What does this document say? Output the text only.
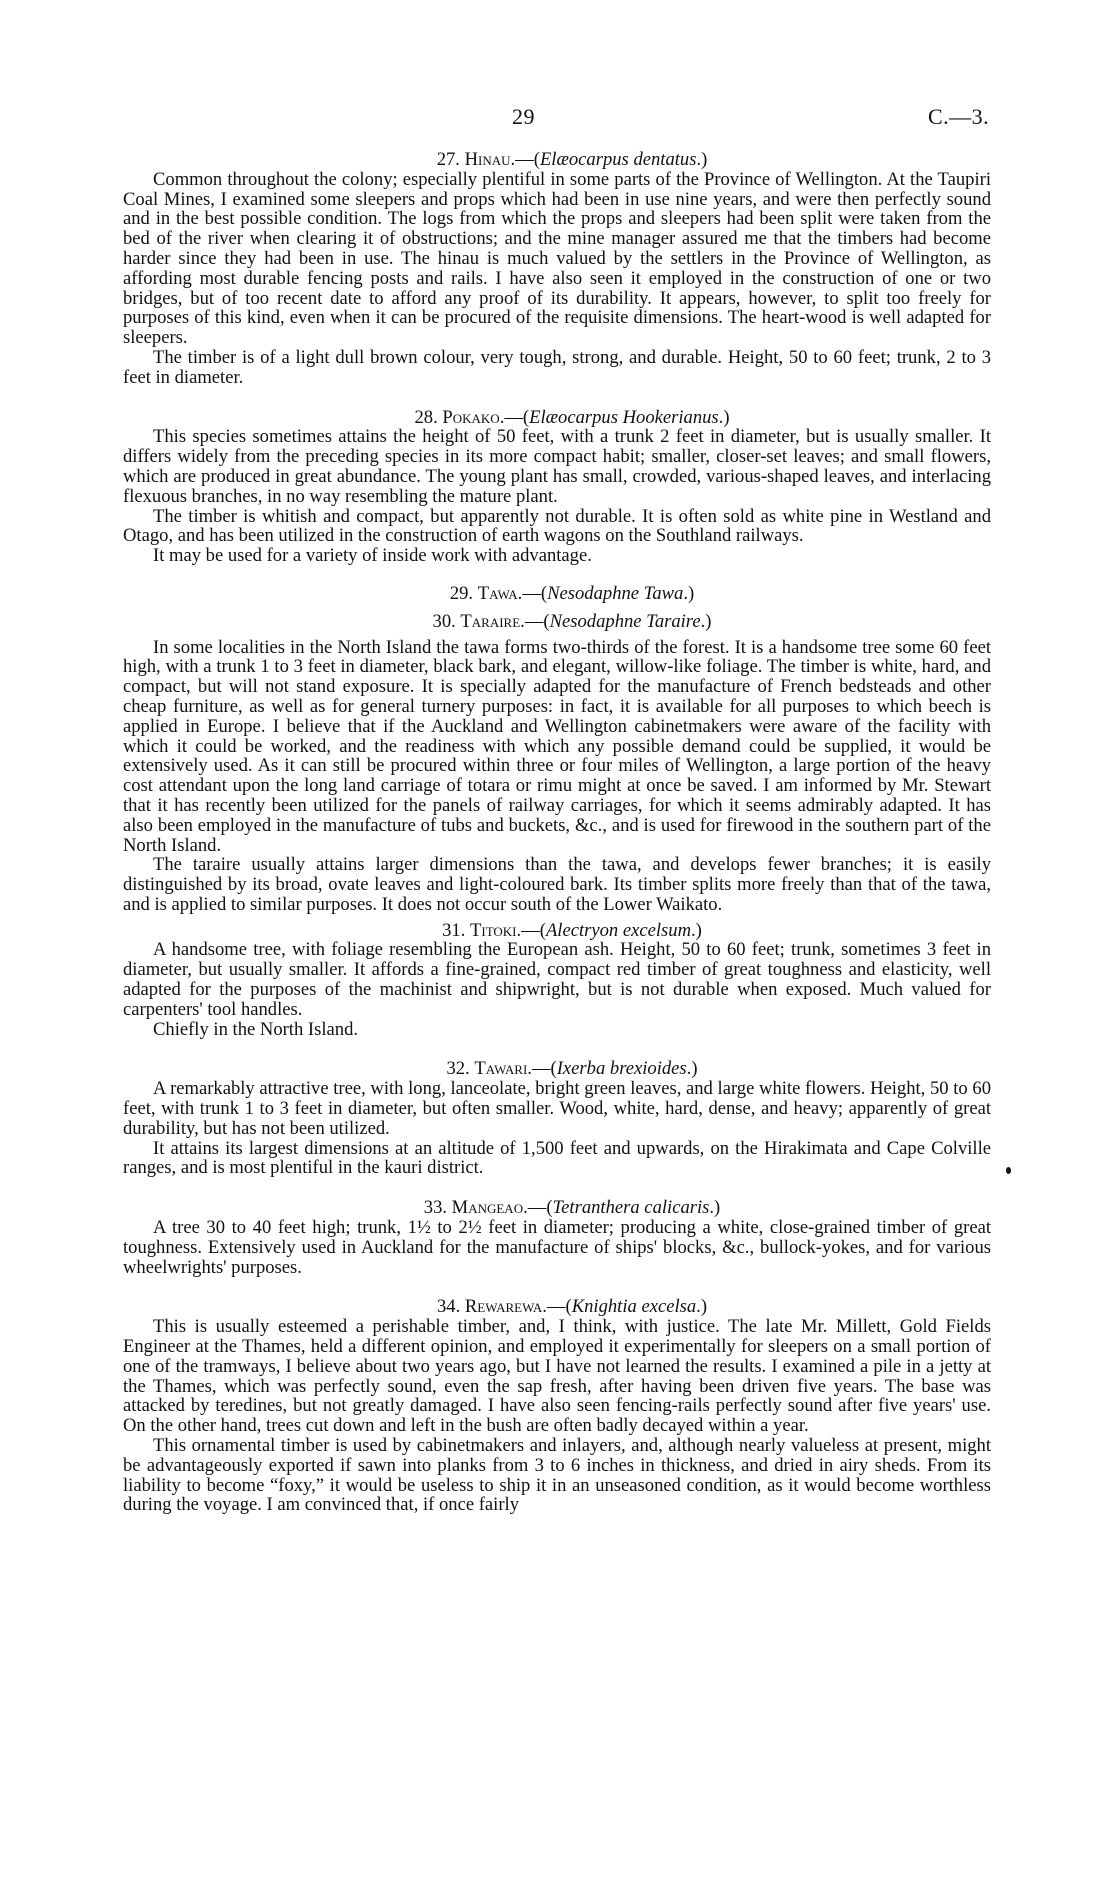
29	C.—3.

27. Hinau.—(Elæocarpus dentatus.)

Common throughout the colony; especially plentiful in some parts of the Province of Wellington. At the Taupiri Coal Mines, I examined some sleepers and props which had been in use nine years, and were then perfectly sound and in the best possible condition. The logs from which the props and sleepers had been split were taken from the bed of the river when clearing it of obstructions; and the mine manager assured me that the timbers had become harder since they had been in use. The hinau is much valued by the settlers in the Province of Wellington, as affording most durable fencing posts and rails. I have also seen it employed in the construction of one or two bridges, but of too recent date to afford any proof of its durability. It appears, however, to split too freely for purposes of this kind, even when it can be procured of the requisite dimensions. The heart-wood is well adapted for sleepers.

The timber is of a light dull brown colour, very tough, strong, and durable. Height, 50 to 60 feet; trunk, 2 to 3 feet in diameter.

28. Pokako.—(Elæocarpus Hookerianus.)

This species sometimes attains the height of 50 feet, with a trunk 2 feet in diameter, but is usually smaller. It differs widely from the preceding species in its more compact habit; smaller, closer-set leaves; and small flowers, which are produced in great abundance. The young plant has small, crowded, various-shaped leaves, and interlacing flexuous branches, in no way resembling the mature plant.

The timber is whitish and compact, but apparently not durable. It is often sold as white pine in Westland and Otago, and has been utilized in the construction of earth wagons on the Southland railways.

It may be used for a variety of inside work with advantage.

29. Tawa.—(Nesodaphne Tawa.)

30. Taraire.—(Nesodaphne Taraire.)

In some localities in the North Island the tawa forms two-thirds of the forest. It is a handsome tree some 60 feet high, with a trunk 1 to 3 feet in diameter, black bark, and elegant, willow-like foliage. The timber is white, hard, and compact, but will not stand exposure. It is specially adapted for the manufacture of French bedsteads and other cheap furniture, as well as for general turnery purposes: in fact, it is available for all purposes to which beech is applied in Europe. I believe that if the Auckland and Wellington cabinetmakers were aware of the facility with which it could be worked, and the readiness with which any possible demand could be supplied, it would be extensively used. As it can still be procured within three or four miles of Wellington, a large portion of the heavy cost attendant upon the long land carriage of totara or rimu might at once be saved. I am informed by Mr. Stewart that it has recently been utilized for the panels of railway carriages, for which it seems admirably adapted. It has also been employed in the manufacture of tubs and buckets, &c., and is used for firewood in the southern part of the North Island.

The taraire usually attains larger dimensions than the tawa, and develops fewer branches; it is easily distinguished by its broad, ovate leaves and light-coloured bark. Its timber splits more freely than that of the tawa, and is applied to similar purposes. It does not occur south of the Lower Waikato.

31. Titoki.—(Alectryon excelsum.)

A handsome tree, with foliage resembling the European ash. Height, 50 to 60 feet; trunk, sometimes 3 feet in diameter, but usually smaller. It affords a fine-grained, compact red timber of great toughness and elasticity, well adapted for the purposes of the machinist and shipwright, but is not durable when exposed. Much valued for carpenters' tool handles.

Chiefly in the North Island.

32. Tawari.—(Ixerba brexioides.)

A remarkably attractive tree, with long, lanceolate, bright green leaves, and large white flowers. Height, 50 to 60 feet, with trunk 1 to 3 feet in diameter, but often smaller. Wood, white, hard, dense, and heavy; apparently of great durability, but has not been utilized.

It attains its largest dimensions at an altitude of 1,500 feet and upwards, on the Hirakimata and Cape Colville ranges, and is most plentiful in the kauri district.

33. Mangeao.—(Tetranthera calicaris.)

A tree 30 to 40 feet high; trunk, 1½ to 2½ feet in diameter; producing a white, close-grained timber of great toughness. Extensively used in Auckland for the manufacture of ships' blocks, &c., bullock-yokes, and for various wheelwrights' purposes.

34. Rewarewa.—(Knightia excelsa.)

This is usually esteemed a perishable timber, and, I think, with justice. The late Mr. Millett, Gold Fields Engineer at the Thames, held a different opinion, and employed it experimentally for sleepers on a small portion of one of the tramways, I believe about two years ago, but I have not learned the results. I examined a pile in a jetty at the Thames, which was perfectly sound, even the sap fresh, after having been driven five years. The base was attacked by teredines, but not greatly damaged. I have also seen fencing-rails perfectly sound after five years' use. On the other hand, trees cut down and left in the bush are often badly decayed within a year.

This ornamental timber is used by cabinetmakers and inlayers, and, although nearly valueless at present, might be advantageously exported if sawn into planks from 3 to 6 inches in thickness, and dried in airy sheds. From its liability to become “foxy,” it would be useless to ship it in an unseasoned condition, as it would become worthless during the voyage. I am convinced that, if once fairly
